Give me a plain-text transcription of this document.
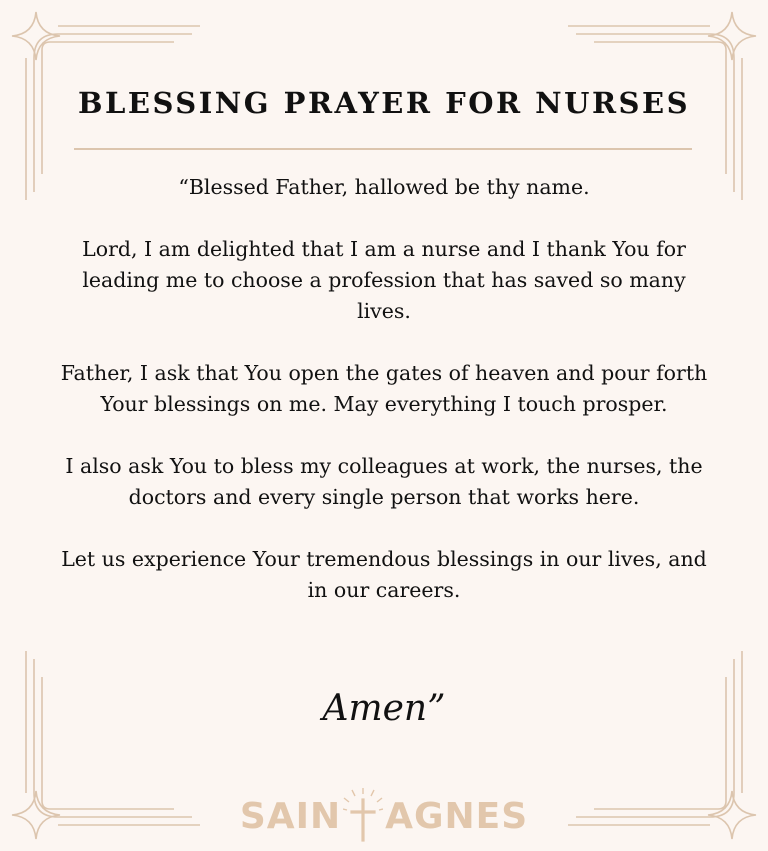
BLESSING PRAYER FOR NURSES

“Blessed Father, hallowed be thy name.

Lord, I am delighted that I am a nurse and I thank You for leading me to choose a profession that has saved so many lives.

Father, I ask that You open the gates of heaven and pour forth Your blessings on me. May everything I touch prosper.

I also ask You to bless my colleagues at work, the nurses, the doctors and every single person that works here.

Let us experience Your tremendous blessings in our lives, and in our careers.

Amen”
SAIN AGNES
